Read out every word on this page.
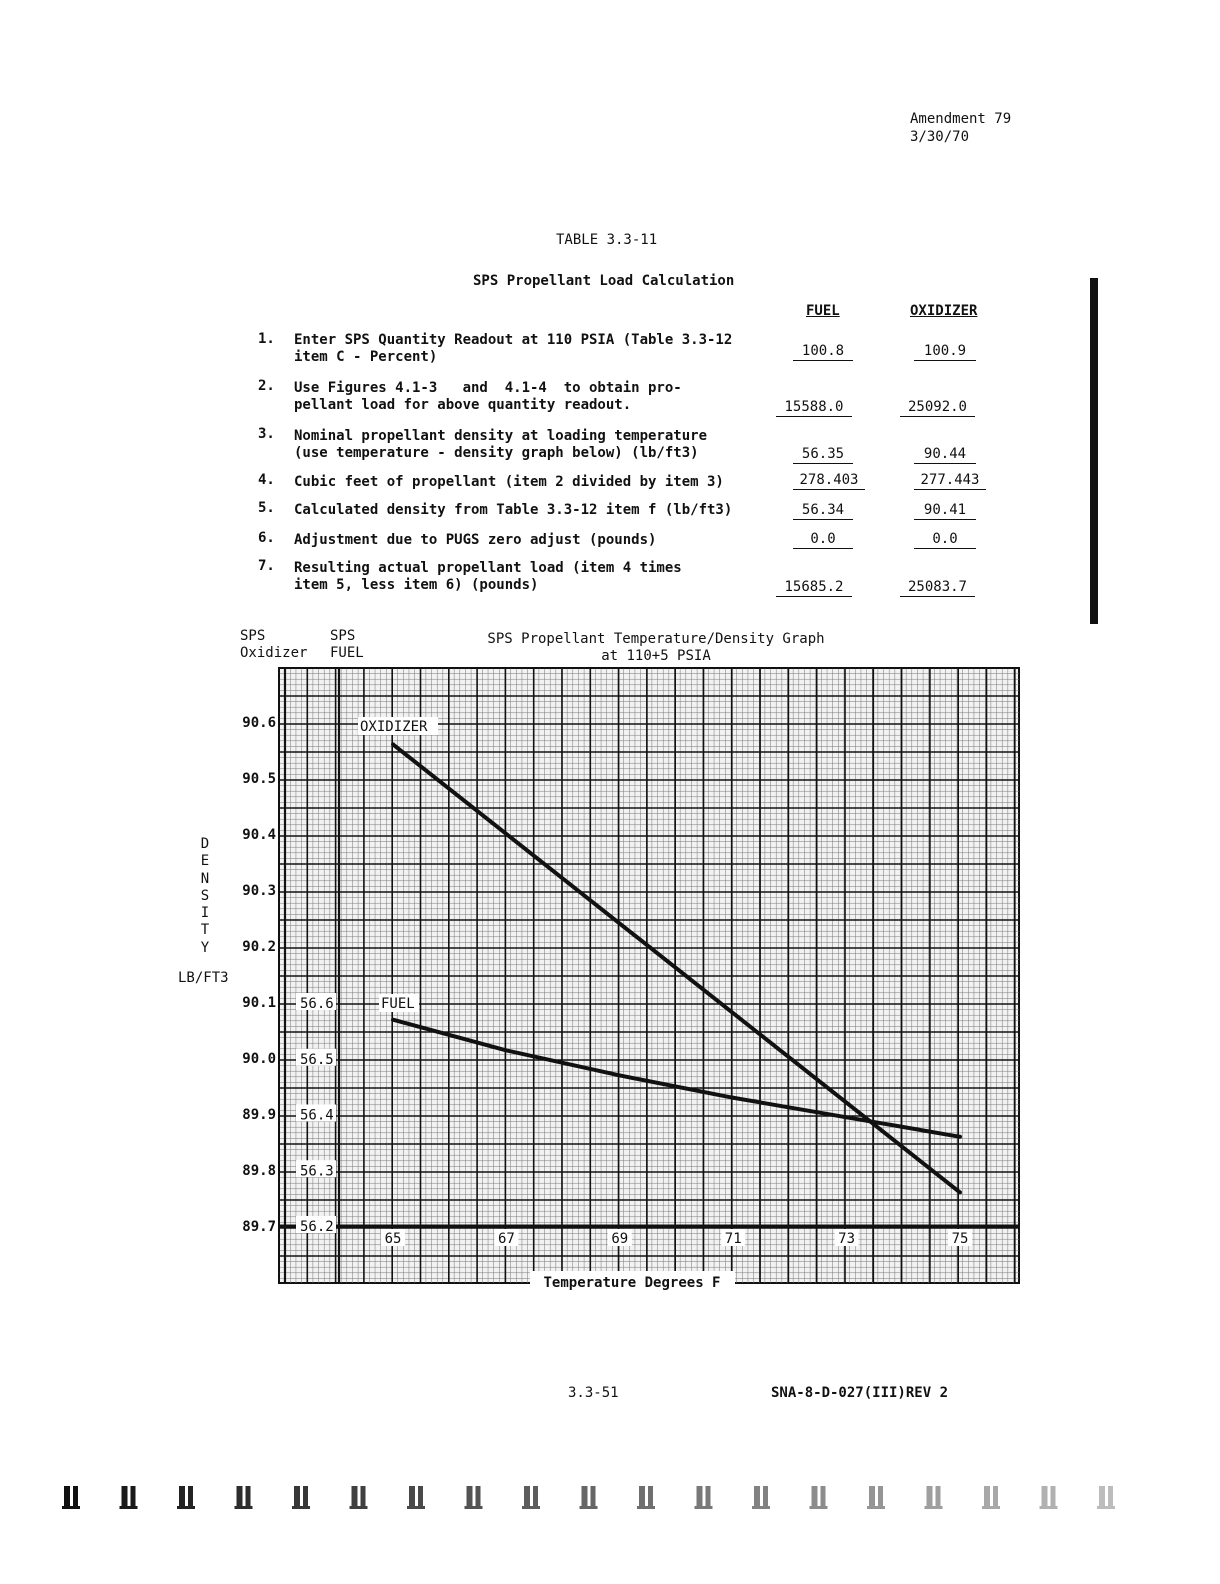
Amendment 79
3/30/70
TABLE 3.3-11
SPS Propellant Load Calculation
FUEL	OXIDIZER
1.	Enter SPS Quantity Readout at 110 PSIA (Table 3.3-12
item C - Percent)	100.8	100.9
2.	Use Figures 4.1-3   and  4.1-4  to obtain pro-
pellant load for above quantity readout.	15588.0	25092.0
3.	Nominal propellant density at loading temperature
(use temperature - density graph below) (lb/ft3)	56.35	90.44
4.	Cubic feet of propellant (item 2 divided by item 3)	278.403	277.443
5.	Calculated density from Table 3.3-12 item f (lb/ft3)	56.34	90.41
6.	Adjustment due to PUGS zero adjust (pounds)	0.0	0.0
7.	Resulting actual propellant load (item 4 times
item 5, less item 6) (pounds)	15685.2	25083.7
SPS
Oxidizer
SPS
FUEL
SPS Propellant Temperature/Density Graph
at 110+5 PSIA
D
E
N
S
I
T
Y
LB/FT3
90.6
90.5
90.4
90.3
90.2
90.1
90.0
89.9
89.8
89.7
56.6
56.5
56.4
56.3
56.2
65	67	69	71	73	75
Temperature Degrees F
OXIDIZER
FUEL
3.3-51	SNA-8-D-027(III)REV 2
